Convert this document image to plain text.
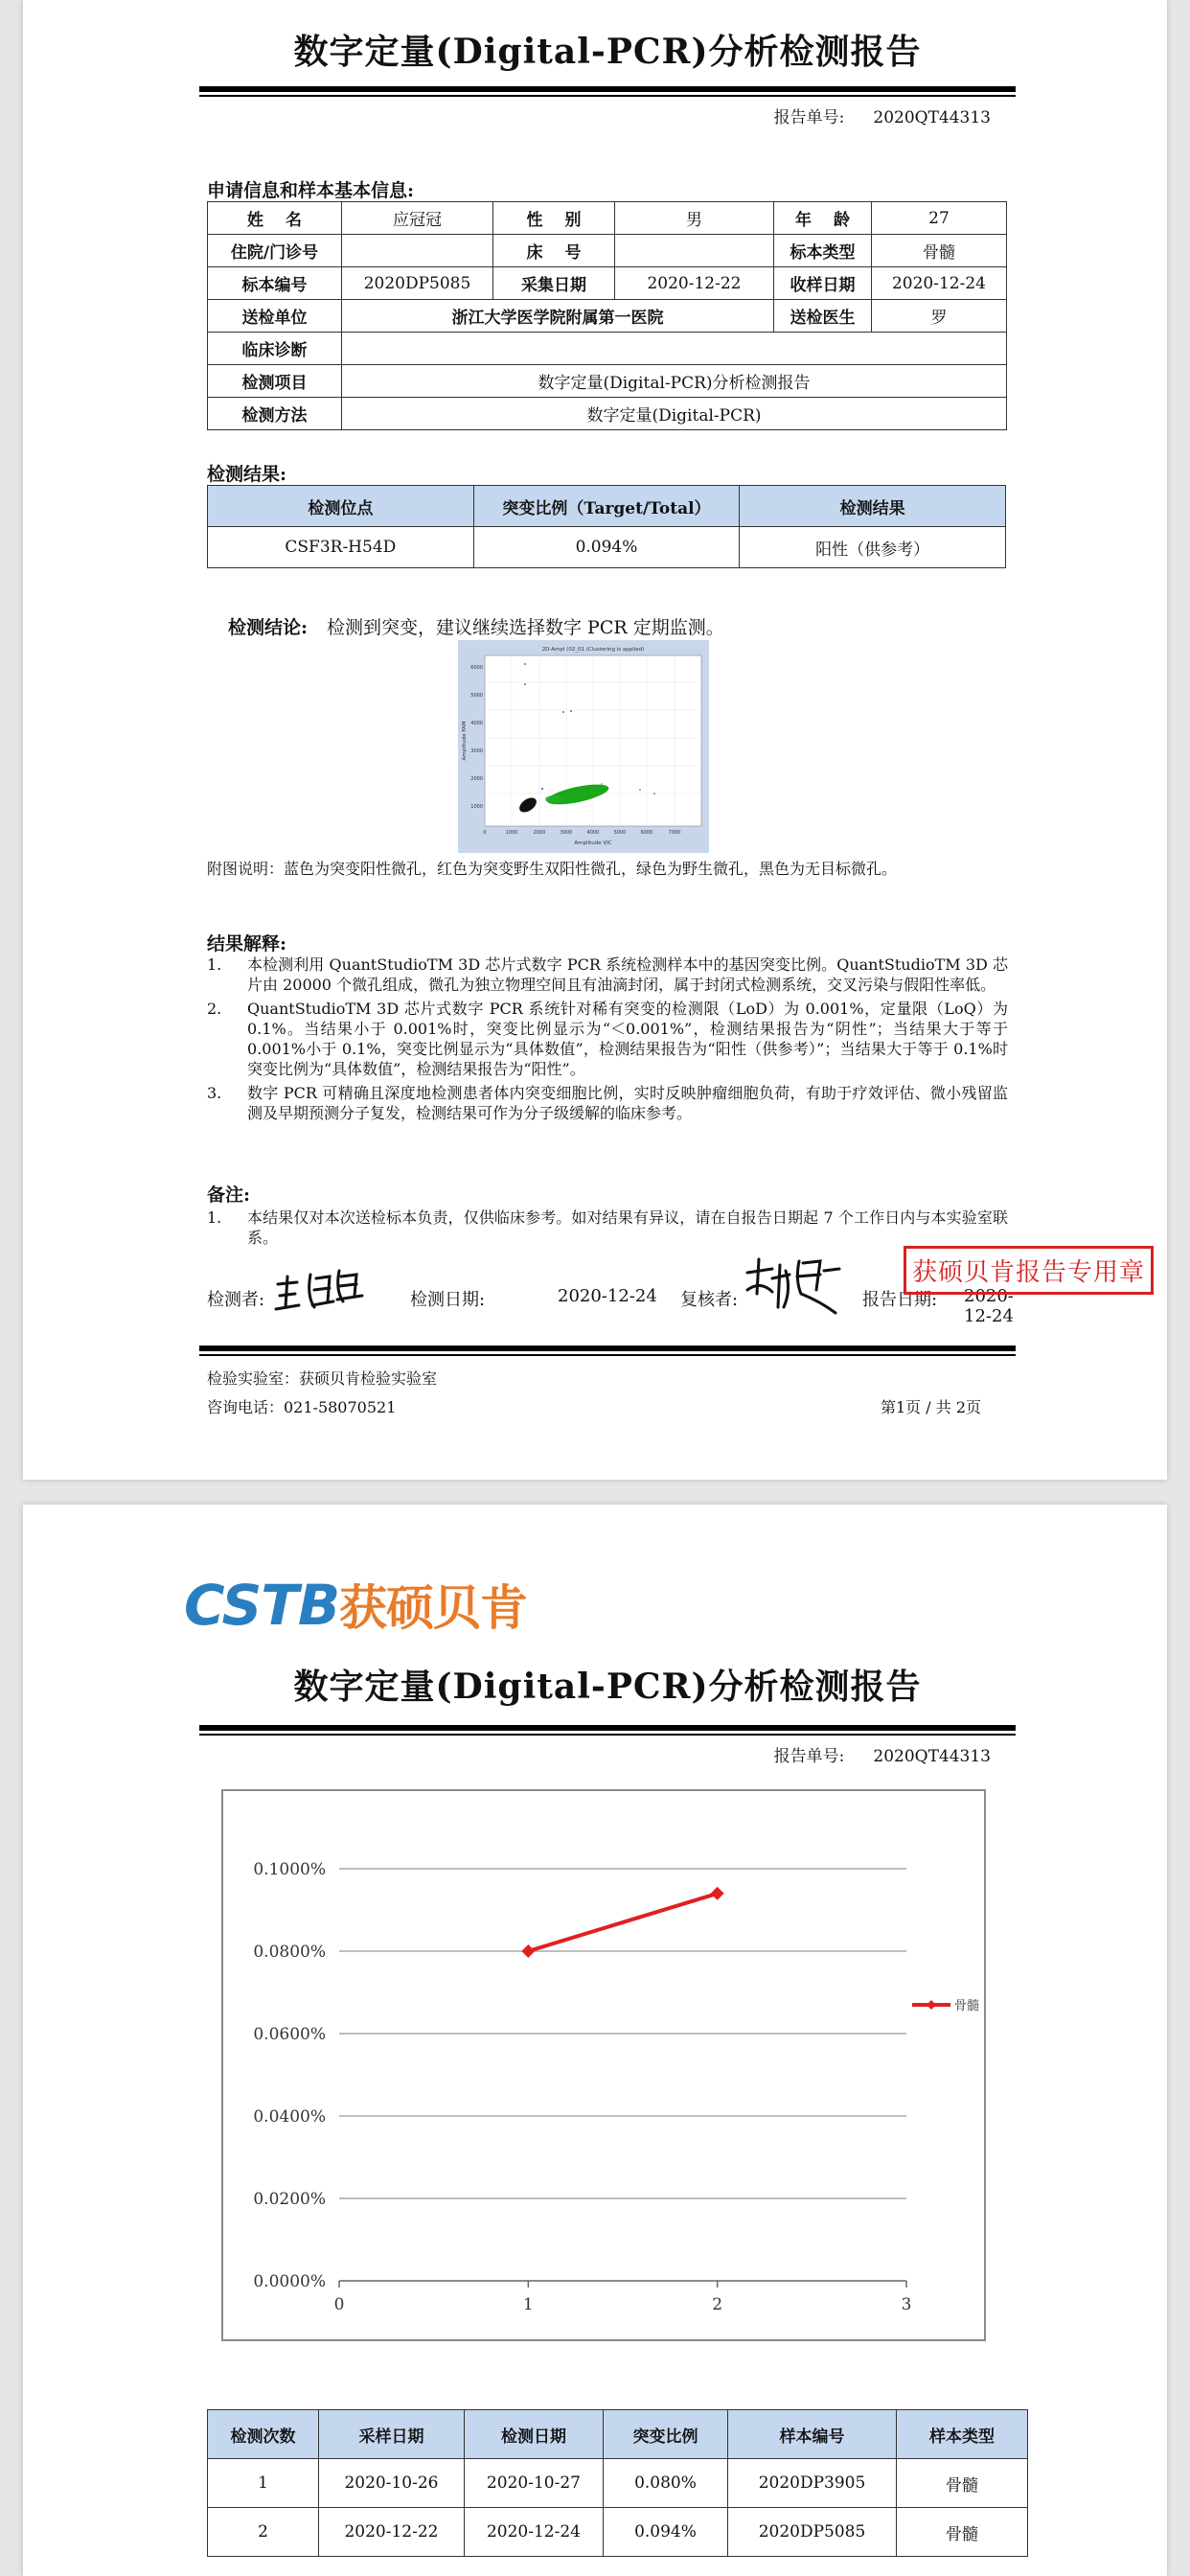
数字定量(Digital-PCR)分析检测报告
报告单号: 2020QT44313
申请信息和样本基本信息:
姓　 名	应冠冠	性　 别	男	年　 龄	27
住院/门诊号		床　 号		标本类型	骨髓
标本编号	2020DP5085	采集日期	2020-12-22	收样日期	2020-12-24
送检单位	浙江大学医学院附属第一医院			送检医生	罗
临床诊断					
检测项目	数字定量(Digital-PCR)分析检测报告				
检测方法	数字定量(Digital-PCR)				
检测结果:
检测位点	突变比例（Target/Total）	检测结果
CSF3R-H54D	0.094%	阳性（供参考）
检测结论: 检测到突变，建议继续选择数字 PCR 定期监测。
2D-Ampl (02_01 (Clustering is applied)
Amplitude VIC
Amplitude FAM
6000
5000
4000
3000
2000
1000
0	1000	2000	3000	4000	5000	6000	7000
附图说明：蓝色为突变阳性微孔，红色为突变野生双阳性微孔，绿色为野生微孔，黑色为无目标微孔。
结果解释:
1. 本检测利用 QuantStudioTM 3D 芯片式数字 PCR 系统检测样本中的基因突变比例。QuantStudioTM 3D 芯片由 20000 个微孔组成，微孔为独立物理空间且有油滴封闭，属于封闭式检测系统，交叉污染与假阳性率低。
2. QuantStudioTM 3D 芯片式数字 PCR 系统针对稀有突变的检测限（LoD）为 0.001%，定量限（LoQ）为 0.1%。当结果小于 0.001%时，突变比例显示为“＜0.001%”，检测结果报告为“阴性”；当结果大于等于 0.001%小于 0.1%，突变比例显示为“具体数值”，检测结果报告为“阳性（供参考）”；当结果大于等于 0.1%时突变比例为“具体数值”，检测结果报告为“阳性”。
3. 数字 PCR 可精确且深度地检测患者体内突变细胞比例，实时反映肿瘤细胞负荷，有助于疗效评估、微小残留监测及早期预测分子复发，检测结果可作为分子级缓解的临床参考。
备注:
1. 本结果仅对本次送检标本负责，仅供临床参考。如对结果有异议，请在自报告日期起 7 个工作日内与本实验室联系。
检测者:	检测日期:	2020-12-24 复核者:	报告日期: 2020-12-24
获硕贝肯报告专用章
检验实验室：获硕贝肯检验实验室
咨询电话：021-58070521	第1页 / 共 2页
CSTB获硕贝肯
数字定量(Digital-PCR)分析检测报告
报告单号: 2020QT44313
0.0000%
0.0200%
0.0400%
0.0600%
0.0800%
0.1000%
0	1	2	3
骨髓
检测次数	采样日期	检测日期	突变比例	样本编号	样本类型
1	2020-10-26	2020-10-27	0.080%	2020DP3905	骨髓
2	2020-12-22	2020-12-24	0.094%	2020DP5085	骨髓
